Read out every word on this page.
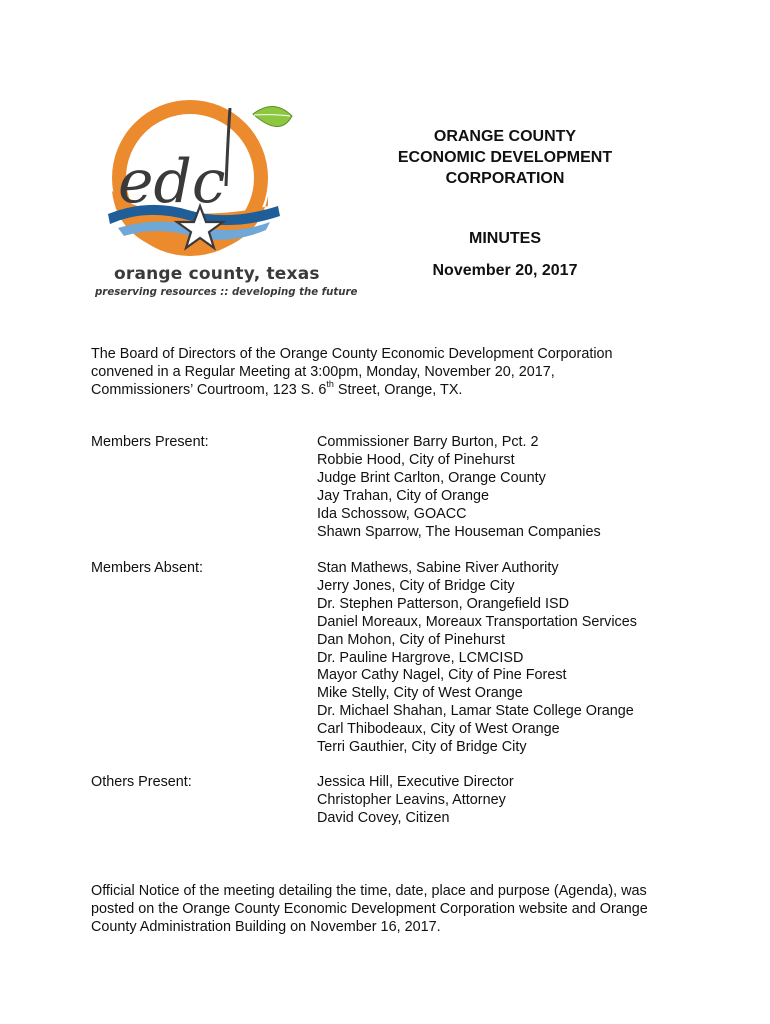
edc
orange county, texas
preserving resources :: developing the future
ORANGE COUNTY
ECONOMIC DEVELOPMENT
CORPORATION
MINUTES
November 20, 2017
The Board of Directors of the Orange County Economic Development Corporation
convened in a Regular Meeting at 3:00pm, Monday, November 20, 2017,
Commissioners’ Courtroom, 123 S. 6th Street, Orange, TX.
Members Present:	Commissioner Barry Burton, Pct. 2
Robbie Hood, City of Pinehurst
Judge Brint Carlton, Orange County
Jay Trahan, City of Orange
Ida Schossow, GOACC
Shawn Sparrow, The Houseman Companies
Members Absent:	Stan Mathews, Sabine River Authority
Jerry Jones, City of Bridge City
Dr. Stephen Patterson, Orangefield ISD
Daniel Moreaux, Moreaux Transportation Services
Dan Mohon, City of Pinehurst
Dr. Pauline Hargrove, LCMCISD
Mayor Cathy Nagel, City of Pine Forest
Mike Stelly, City of West Orange
Dr. Michael Shahan, Lamar State College Orange
Carl Thibodeaux, City of West Orange
Terri Gauthier, City of Bridge City
Others Present:	Jessica Hill, Executive Director
Christopher Leavins, Attorney
David Covey, Citizen
Official Notice of the meeting detailing the time, date, place and purpose (Agenda), was
posted on the Orange County Economic Development Corporation website and Orange
County Administration Building on November 16, 2017.
